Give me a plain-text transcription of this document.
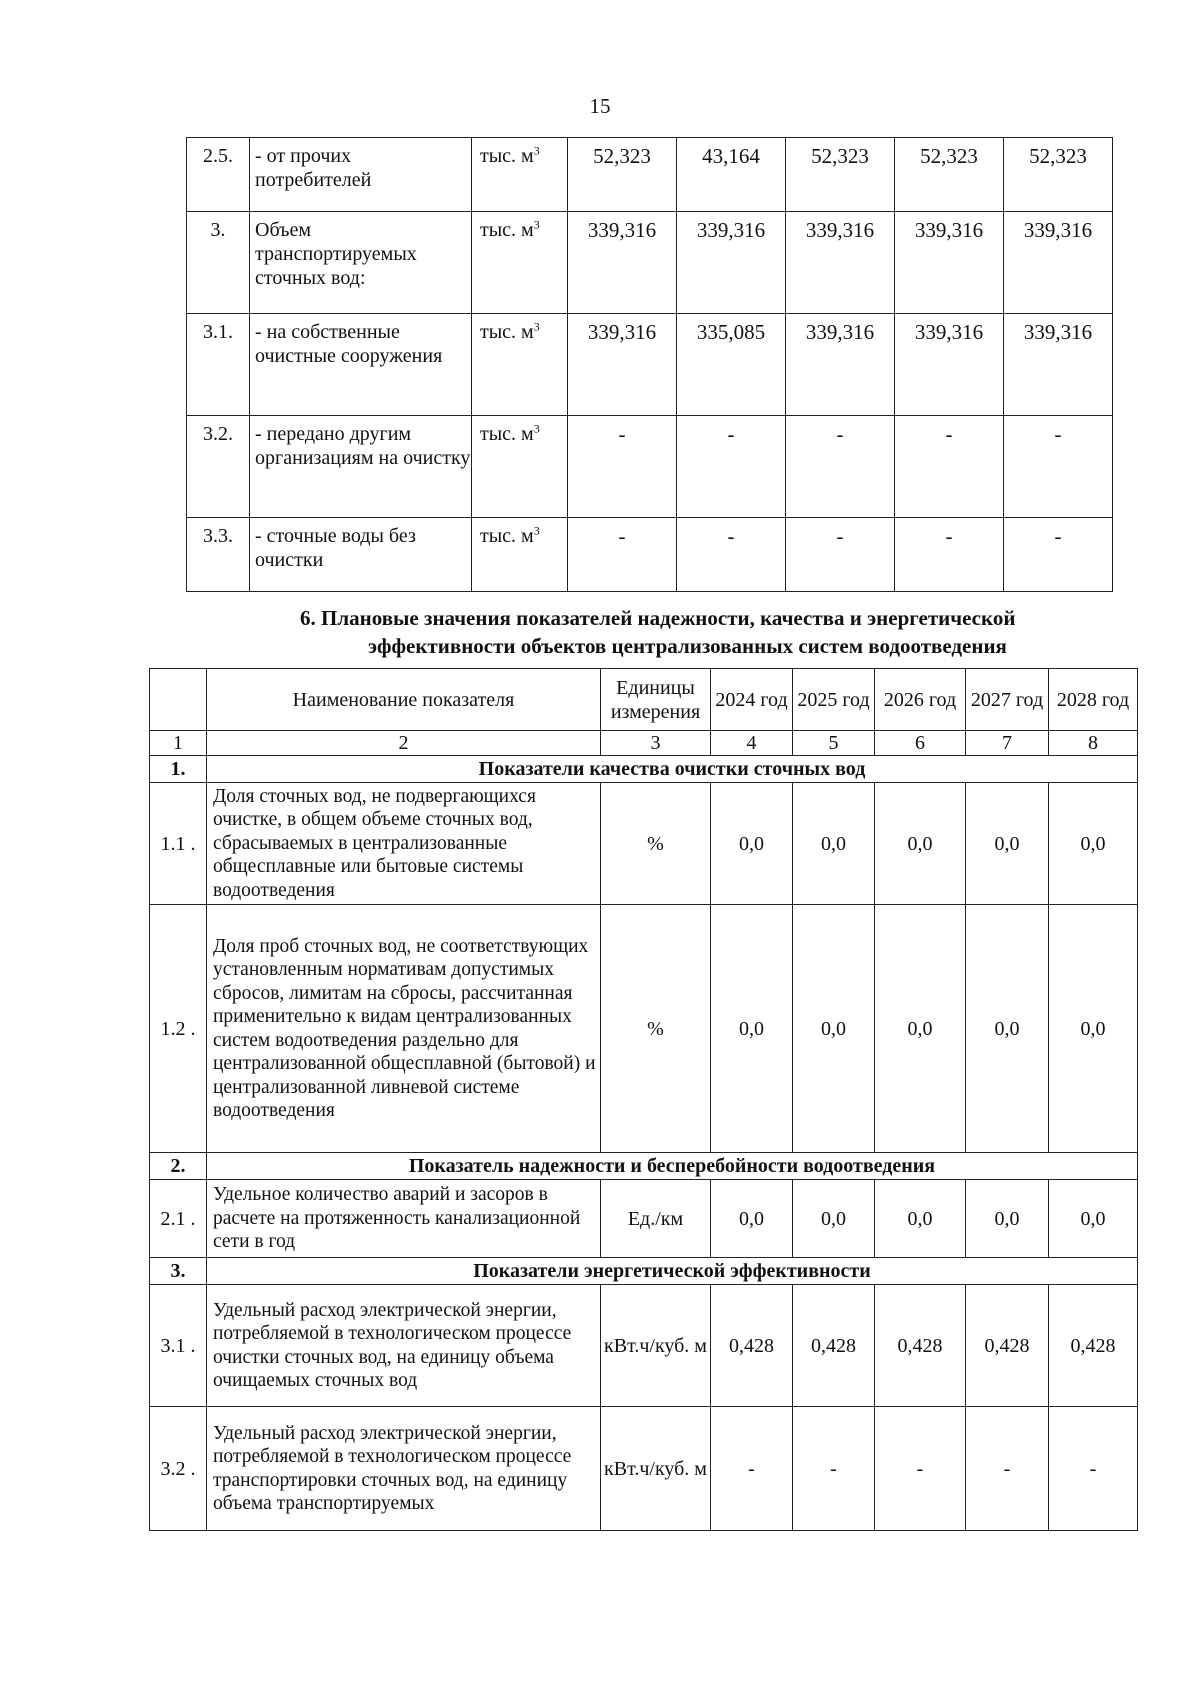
15
2.5.	- от прочих потребителей	тыс. $м^3$	52,323	43,164	52,323	52,323	52,323
3.	Объем транспортируемых сточных вод:	тыс. $м^3$	339,316	339,316	339,316	339,316	339,316
3.1.	- на собственные очистные сооружения	тыс. $м^3$	339,316	335,085	339,316	339,316	339,316
3.2.	- передано другим организациям на очистку	тыс. $м^3$	-	-	-	-	-
3.3.	- сточные воды без очистки	тыс. $м^3$	-	-	-	-	-
6. Плановые значения показателей надежности, качества и энергетической
эффективности объектов централизованных систем водоотведения
	Наименование показателя	Единицы измерения	2024 год	2025 год	2026 год	2027 год	2028 год
1	2	3	4	5	6	7	8
1.	Показатели качества очистки сточных вод						
1.1 .	Доля сточных вод, не подвергающихся очистке, в общем объеме сточных вод, сбрасываемых в централизованные общесплавные или бытовые системы водоотведения	%	0,0	0,0	0,0	0,0	0,0
1.2 .	Доля проб сточных вод, не соответствующих установленным нормативам допустимых сбросов, лимитам на сбросы, рассчитанная применительно к видам централизованных систем водоотведения раздельно для централизованной общесплавной (бытовой) и централизованной ливневой системе водоотведения	%	0,0	0,0	0,0	0,0	0,0
2.	Показатель надежности и бесперебойности водоотведения						
2.1 .	Удельное количество аварий и засоров в расчете на протяженность канализационной сети в год	Ед./км	0,0	0,0	0,0	0,0	0,0
3.	Показатели энергетической эффективности						
3.1 .	Удельный расход электрической энергии, потребляемой в технологическом процессе очистки сточных вод, на единицу объема очищаемых сточных вод	кВт.ч/куб. м	0,428	0,428	0,428	0,428	0,428
3.2 .	Удельный расход электрической энергии, потребляемой в технологическом процессе транспортировки сточных вод, на единицу объема транспортируемых	кВт.ч/куб. м	-	-	-	-	-
